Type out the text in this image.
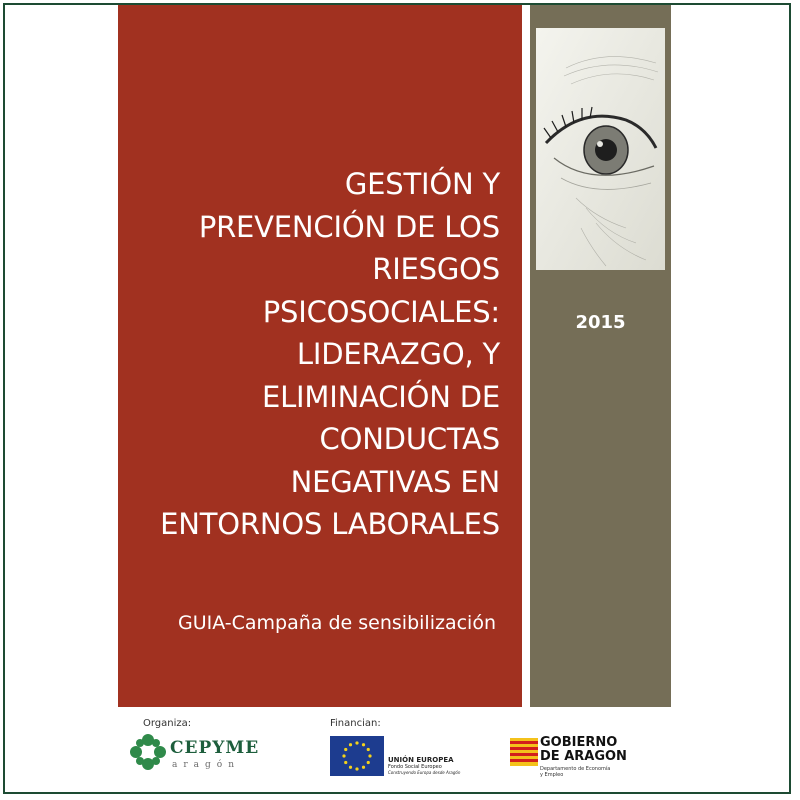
GESTIÓN Y
PREVENCIÓN DE LOS
RIESGOS
PSICOSOCIALES:
LIDERAZGO, Y
ELIMINACIÓN DE
CONDUCTAS
NEGATIVAS EN
ENTORNOS LABORALES
GUIA-Campaña de sensibilización
2015
Organiza:	Financian:
CEPYME
aragón	UNIÓN EUROPEA
Fondo Social Europeo
Construyendo Europa desde Aragón
GOBIERNO
DE ARAGON
Departamento de Economía
y Empleo
